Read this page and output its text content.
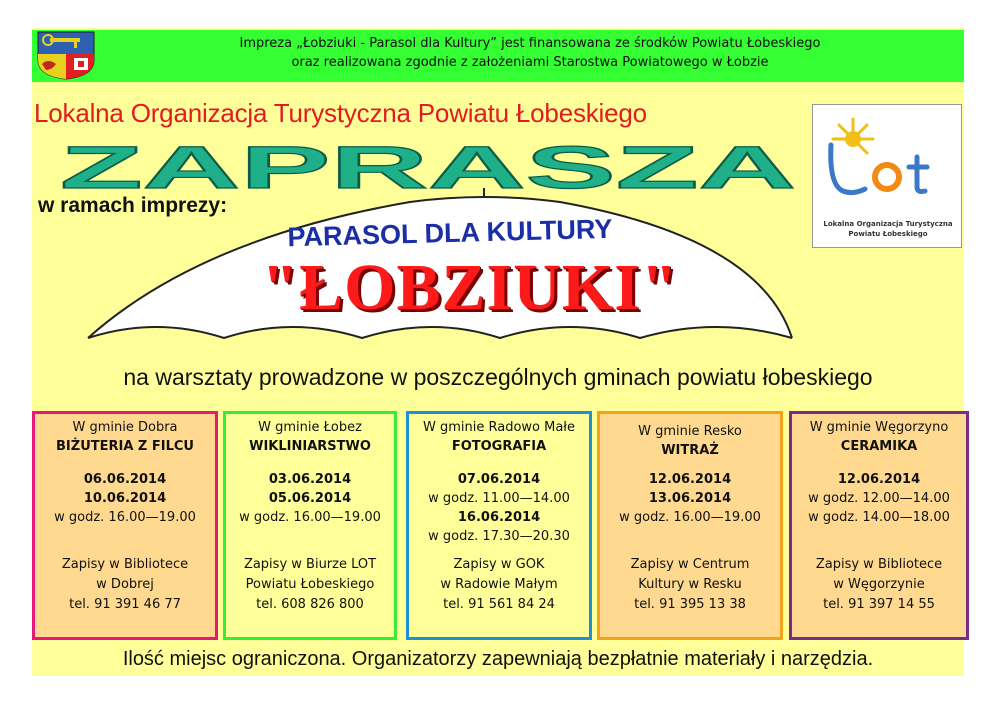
Impreza „Łobziuki - Parasol dla Kultury” jest finansowana ze środków Powiatu Łobeskiego
oraz realizowana zgodnie z założeniami Starostwa Powiatowego w Łobzie
Lokalna Organizacja Turystyczna Powiatu Łobeskiego
ZAPRASZA
Lokalna Organizacja Turystyczna
Powiatu Łobeskiego
w ramach imprezy:
PARASOL DLA KULTURY
"ŁOBZIUKI"
na warsztaty prowadzone w poszczególnych gminach powiatu łobeskiego
W gminie Dobra
BIŻUTERIA Z FILCU
06.06.2014
10.06.2014
w godz. 16.00—19.00
Zapisy w Bibliotece
w Dobrej
tel. 91 391 46 77
W gminie Łobez
WIKLINIARSTWO
03.06.2014
05.06.2014
w godz. 16.00—19.00
Zapisy w Biurze LOT
Powiatu Łobeskiego
tel. 608 826 800
W gminie Radowo Małe
FOTOGRAFIA
07.06.2014
w godz. 11.00—14.00
16.06.2014
w godz. 17.30—20.30
Zapisy w GOK
w Radowie Małym
tel. 91 561 84 24
W gminie Resko
WITRAŻ
12.06.2014
13.06.2014
w godz. 16.00—19.00
Zapisy w Centrum
Kultury w Resku
tel. 91 395 13 38
W gminie Węgorzyno
CERAMIKA
12.06.2014
w godz. 12.00—14.00
w godz. 14.00—18.00
Zapisy w Bibliotece
w Węgorzynie
tel. 91 397 14 55
Ilość miejsc ograniczona. Organizatorzy zapewniają bezpłatnie materiały i narzędzia.
